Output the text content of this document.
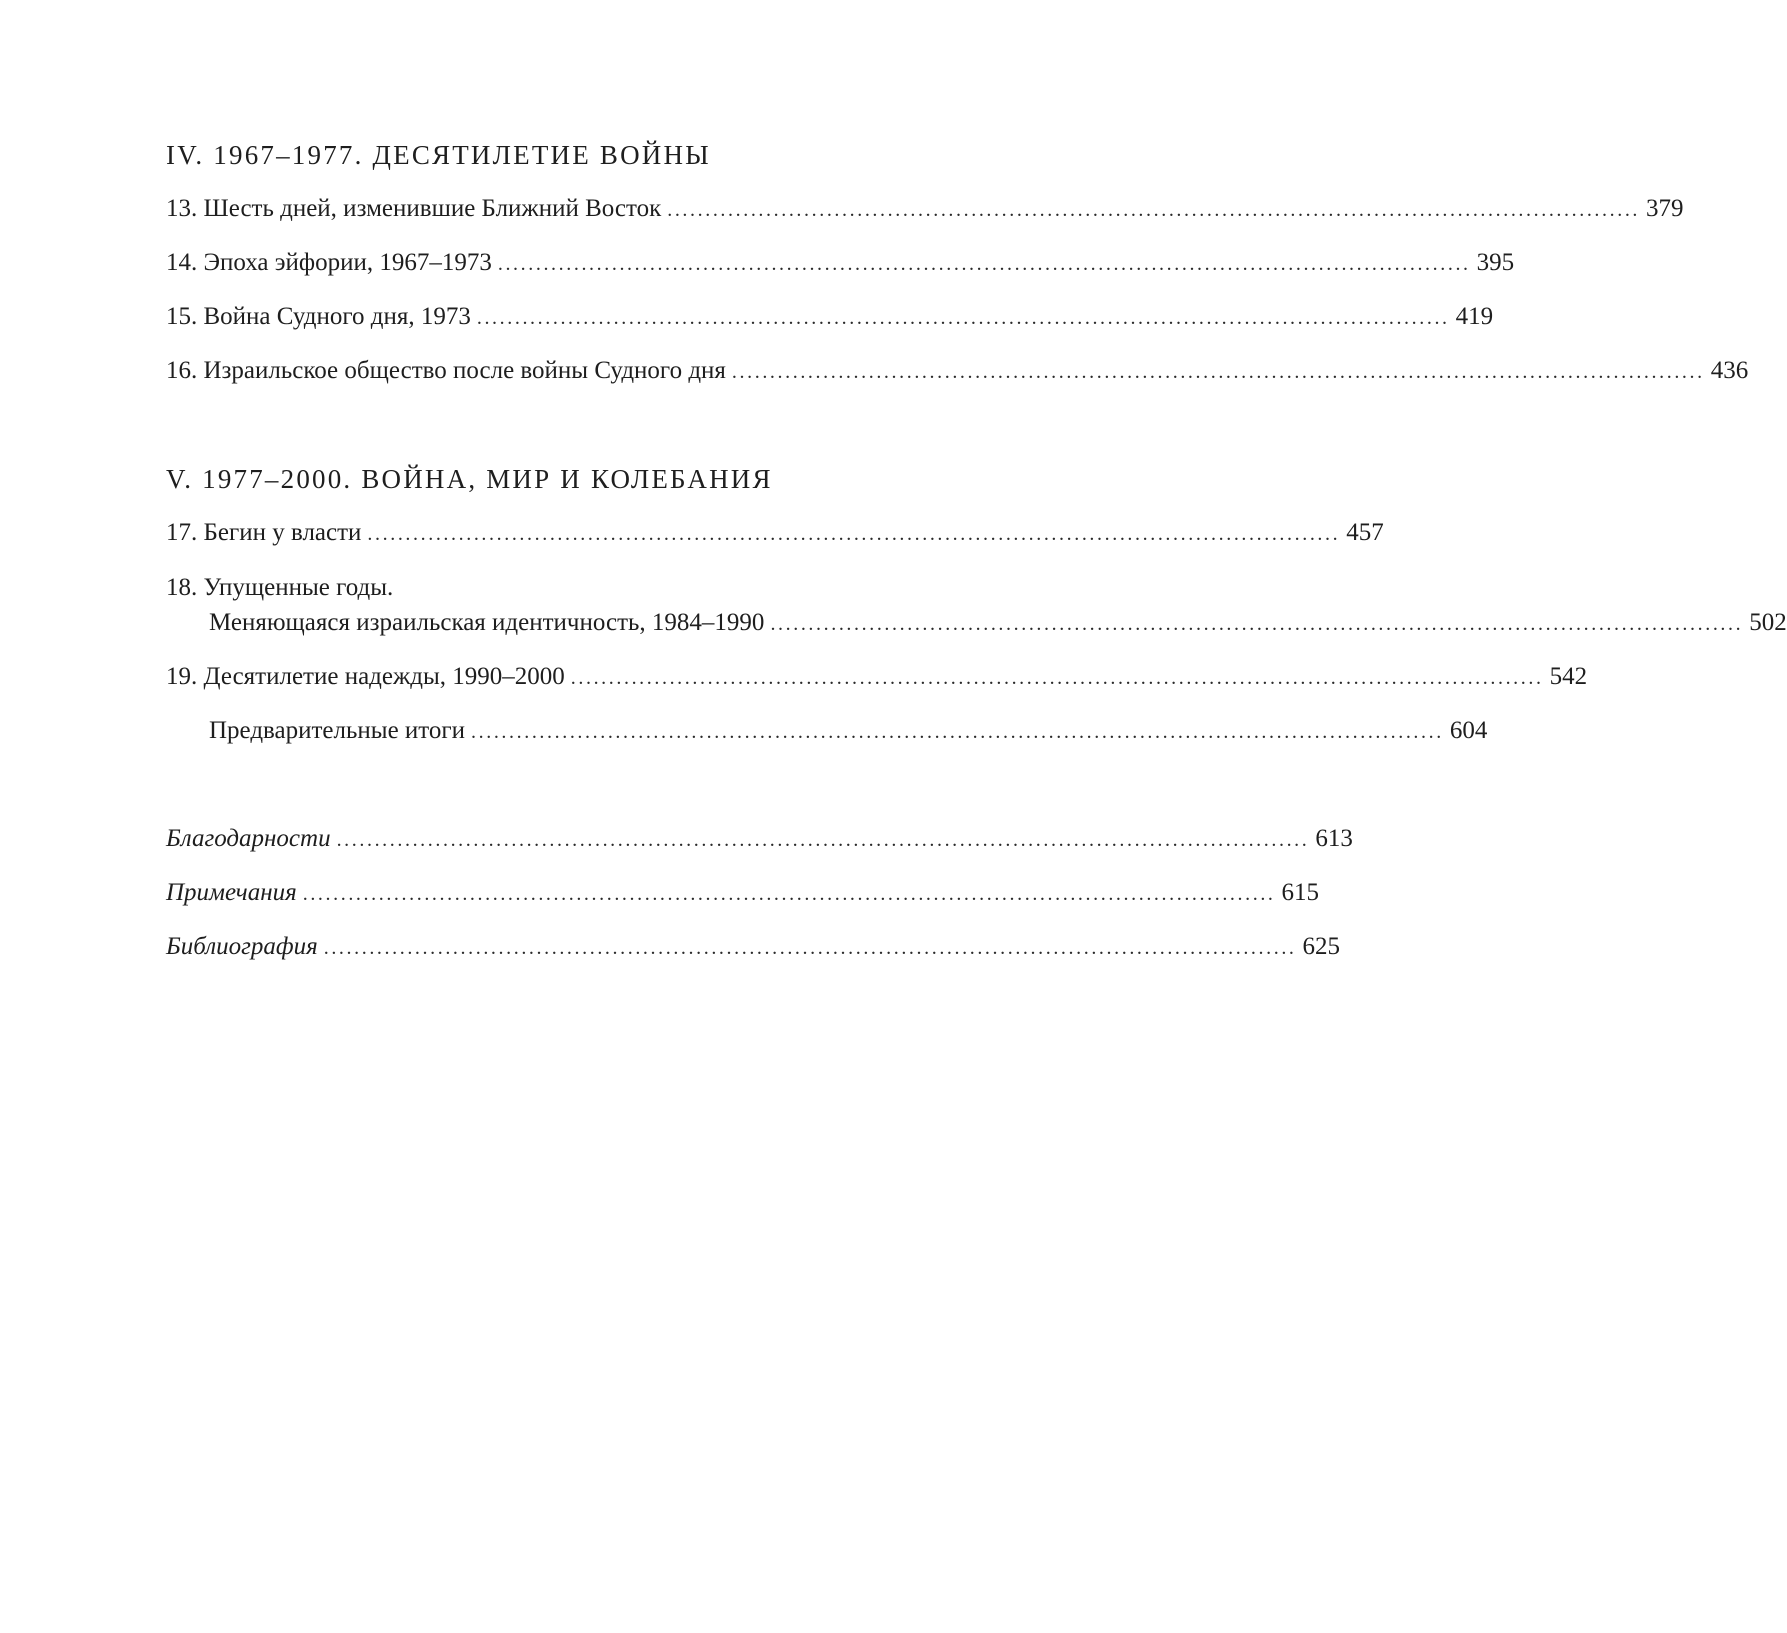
IV. 1967–1977. ДЕСЯТИЛЕТИЕ ВОЙНЫ
13. Шесть дней, изменившие Ближний Восток ................................................................................................................................ 379
14. Эпоха эйфории, 1967–1973 ................................................................................................................................ 395
15. Война Судного дня, 1973 ................................................................................................................................ 419
16. Израильское общество после войны Судного дня ................................................................................................................................ 436
V. 1977–2000. ВОЙНА, МИР И КОЛЕБАНИЯ
17. Бегин у власти ................................................................................................................................ 457
18. Упущенные годы.
Меняющаяся израильская идентичность, 1984–1990 ................................................................................................................................ 502
19. Десятилетие надежды, 1990–2000 ................................................................................................................................ 542
Предварительные итоги ................................................................................................................................ 604
Благодарности ................................................................................................................................ 613
Примечания ................................................................................................................................ 615
Библиография ................................................................................................................................ 625
